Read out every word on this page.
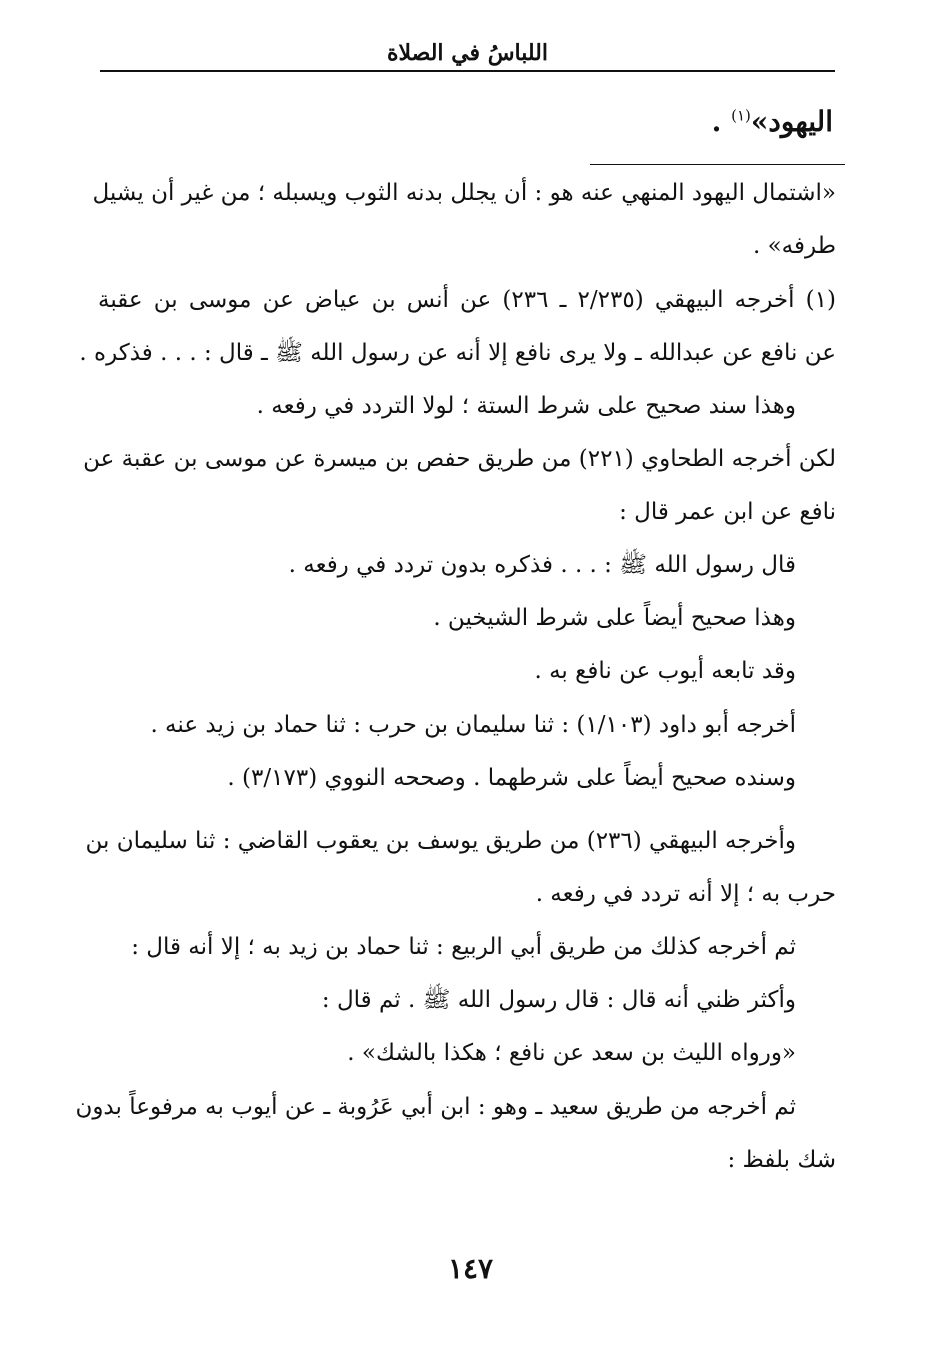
اللباسُ في الصلاة
اليهود»$^{(١)}$ .
«اشتمال اليهود المنهي عنه هو : أن يجلل بدنه الثوب ويسبله ؛ من غير أن يشيل
طرفه» .
(١) أخرجه البيهقي (٢/٢٣٥ ـ ٢٣٦) عن أنس بن عياض عن موسى بن عقبة
عن نافع عن عبدالله ـ ولا يرى نافع إلا أنه عن رسول الله ﷺ ـ قال : . . . فذكره .
وهذا سند صحيح على شرط الستة ؛ لولا التردد في رفعه .
لكن أخرجه الطحاوي (٢٢١) من طريق حفص بن ميسرة عن موسى بن عقبة عن
نافع عن ابن عمر قال :
قال رسول الله ﷺ : . . . فذكره بدون تردد في رفعه .
وهذا صحيح أيضاً على شرط الشيخين .
وقد تابعه أيوب عن نافع به .
أخرجه أبو داود (١/١٠٣) : ثنا سليمان بن حرب : ثنا حماد بن زيد عنه .
وسنده صحيح أيضاً على شرطهما . وصححه النووي (٣/١٧٣) .
وأخرجه البيهقي (٢٣٦) من طريق يوسف بن يعقوب القاضي : ثنا سليمان بن
حرب به ؛ إلا أنه تردد في رفعه .
ثم أخرجه كذلك من طريق أبي الربيع : ثنا حماد بن زيد به ؛ إلا أنه قال :
وأكثر ظني أنه قال : قال رسول الله ﷺ . ثم قال :
«ورواه الليث بن سعد عن نافع ؛ هكذا بالشك» .
ثم أخرجه من طريق سعيد ـ وهو : ابن أبي عَرُوبة ـ عن أيوب به مرفوعاً بدون
شك بلفظ :
١٤٧
